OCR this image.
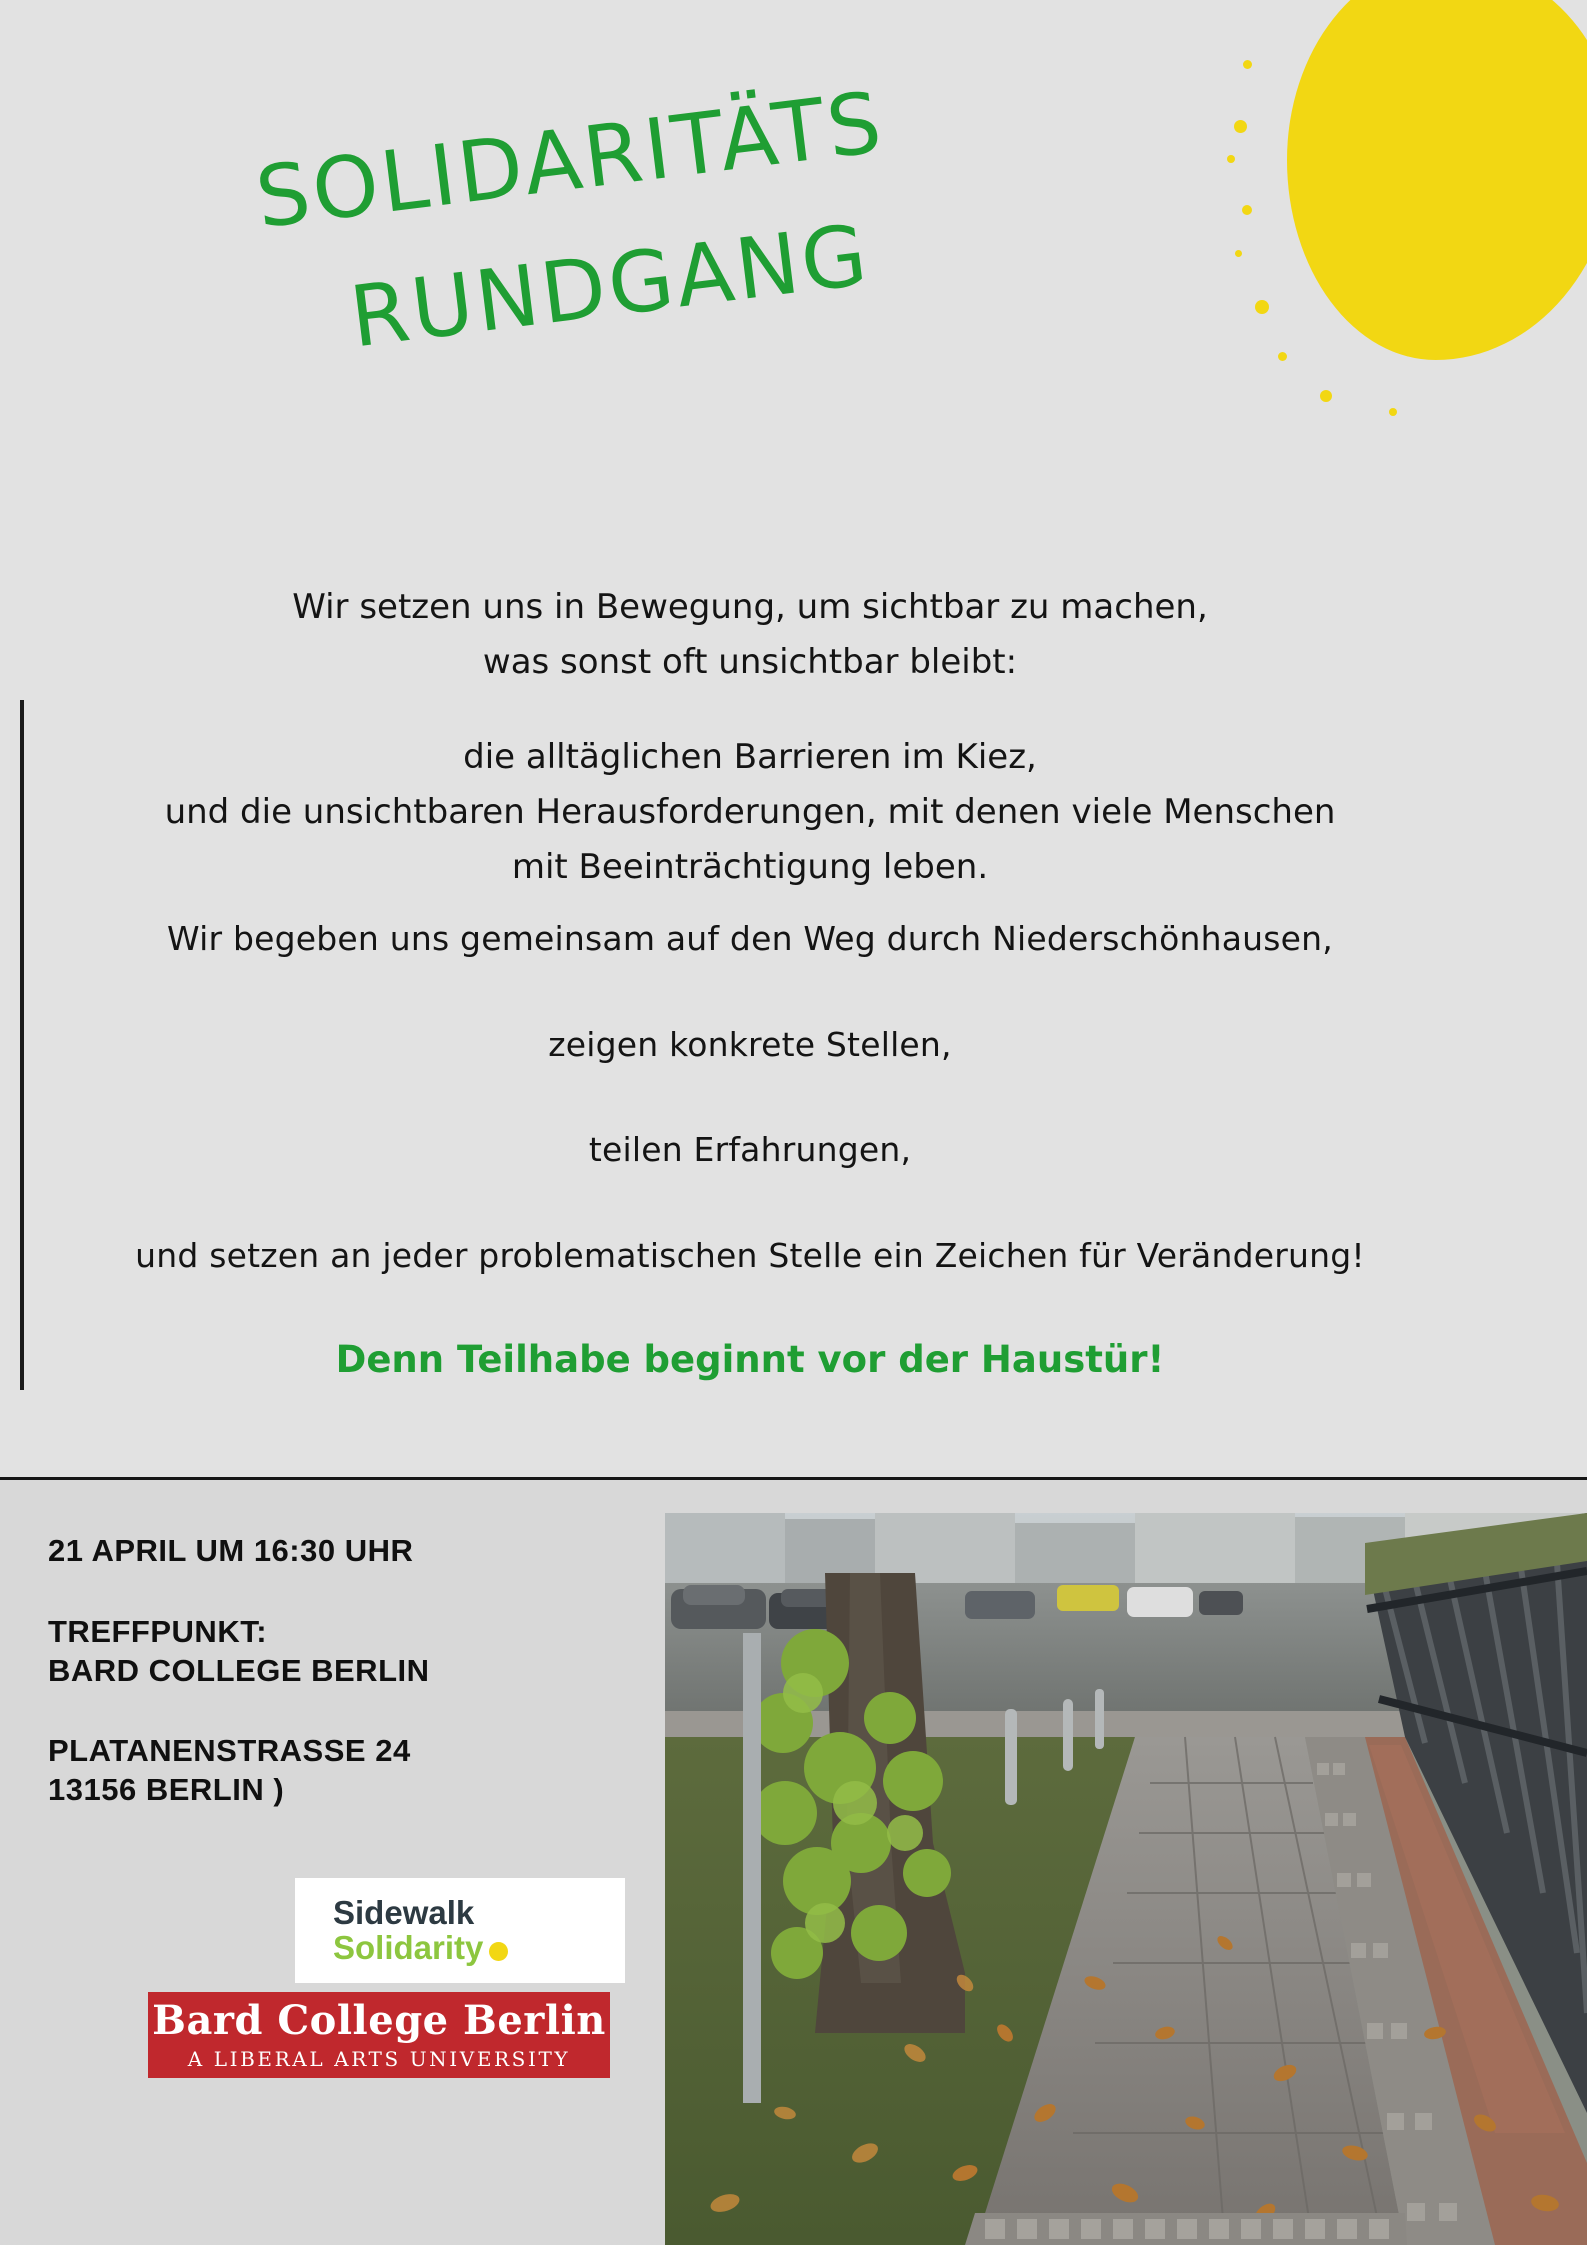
SOLIDARITÄTS
RUNDGANG

Wir setzen uns in Bewegung, um sichtbar zu machen,

was sonst oft unsichtbar bleibt:

die alltäglichen Barrieren im Kiez,

und die unsichtbaren Herausforderungen, mit denen viele Menschen

mit Beeinträchtigung leben.

Wir begeben uns gemeinsam auf den Weg durch Niederschönhausen,

zeigen konkrete Stellen,

teilen Erfahrungen,

und setzen an jeder problematischen Stelle ein Zeichen für Veränderung!

Denn Teilhabe beginnt vor der Haustür!

21 APRIL UM 16:30 UHR
TREFFPUNKT:
BARD COLLEGE BERLIN
PLATANENSTRASSE 24
13156 BERLIN )
Sidewalk
Solidarity
Bard College Berlin
A LIBERAL ARTS UNIVERSITY
